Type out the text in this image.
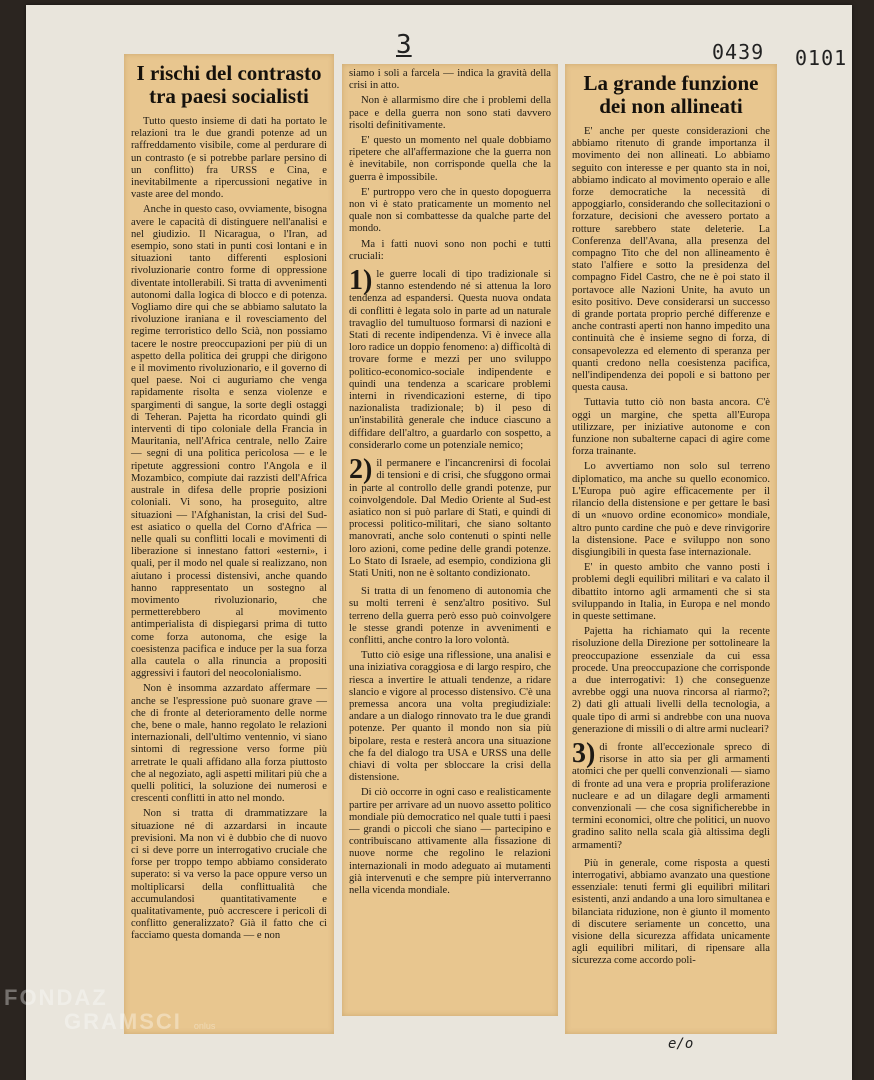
3	0439 0101
e/o
I rischi del contrasto tra paesi socialisti

Tutto questo insieme di dati ha portato le relazioni tra le due grandi potenze ad un raffreddamento visibile, come al perdurare di un contrasto (e si potrebbe parlare persino di un conflitto) fra URSS e Cina, e inevitabilmente a ripercussioni negative in vaste aree del mondo.

Anche in questo caso, ovviamente, bisogna avere le capacità di distinguere nell'analisi e nel giudizio. Il Nicaragua, o l'Iran, ad esempio, sono stati in punti così lontani e in situazioni tanto differenti esplosioni rivoluzionarie contro forme di oppressione diventate intollerabili. Si tratta di avvenimenti autonomi dalla logica di blocco e di potenza. Vogliamo dire qui che se abbiamo salutato la rivoluzione iraniana e il rovesciamento del regime terroristico dello Scià, non possiamo tacere le nostre preoccupazioni per più di un aspetto della politica dei gruppi che dirigono e il movimento rivoluzionario, e il governo di quel paese. Noi ci auguriamo che venga rapidamente risolta e senza violenze e spargimenti di sangue, la sorte degli ostaggi di Teheran. Pajetta ha ricordato quindi gli interventi di tipo coloniale della Francia in Mauritania, nell'Africa centrale, nello Zaire — segni di una politica pericolosa — e le ripetute aggressioni contro l'Angola e il Mozambico, compiute dai razzisti dell'Africa australe in difesa delle proprie posizioni coloniali. Vi sono, ha proseguito, altre situazioni — l'Afghanistan, la crisi del Sud-est asiatico o quella del Corno d'Africa — nelle quali su conflitti locali e movimenti di liberazione si innestano fattori «esterni», i quali, per il modo nel quale si realizzano, non aiutano i processi distensivi, anche quando hanno rappresentato un sostegno al movimento rivoluzionario, che permetterebbero al movimento antimperialista di dispiegarsi prima di tutto come forza autonoma, che esige la coesistenza pacifica e induce per la sua forza alla cautela o alla rinuncia a propositi aggressivi i fautori del neocolonialismo.

Non è insomma azzardato affermare — anche se l'espressione può suonare grave — che di fronte al deterioramento delle norme che, bene o male, hanno regolato le relazioni internazionali, dell'ultimo ventennio, vi siano sintomi di regressione verso forme più arretrate le quali affidano alla forza piuttosto che al negoziato, agli aspetti militari più che a quelli politici, la soluzione dei numerosi e crescenti conflitti in atto nel mondo.

Non si tratta di drammatizzare la situazione né di azzardarsi in incaute previsioni. Ma non vi è dubbio che di nuovo ci si deve porre un interrogativo cruciale che forse per troppo tempo abbiamo considerato superato: si va verso la pace oppure verso un moltiplicarsi della conflittualità che accumulandosi quantitativamente e qualitativamente, può accrescere i pericoli di conflitto generalizzato? Già il fatto che ci facciamo questa domanda — e non

siamo i soli a farcela — indica la gravità della crisi in atto.

Non è allarmismo dire che i problemi della pace e della guerra non sono stati davvero risolti definitivamente.

E' questo un momento nel quale dobbiamo ripetere che all'affermazione che la guerra non è inevitabile, non corrisponde quella che la guerra è impossibile.

E' purtroppo vero che in questo dopoguerra non vi è stato praticamente un momento nel quale non si combattesse da qualche parte del mondo.

Ma i fatti nuovi sono non pochi e tutti cruciali:

1) le guerre locali di tipo tradizionale si stanno estendendo né si attenua la loro tendenza ad espandersi. Questa nuova ondata di conflitti è legata solo in parte ad un naturale travaglio del tumultuoso formarsi di nazioni e Stati di recente indipendenza. Vi è invece alla loro radice un doppio fenomeno: a) difficoltà di trovare forme e mezzi per uno sviluppo politico-economico-sociale indipendente e quindi una tendenza a scaricare problemi interni in rivendicazioni esterne, di tipo nazionalista tradizionale; b) il peso di un'instabilità generale che induce ciascuno a diffidare dell'altro, a guardarlo con sospetto, a considerarlo come un potenziale nemico;
2) il permanere e l'incancrenirsi di focolai di tensioni e di crisi, che sfuggono ormai in parte al controllo delle grandi potenze, pur coinvolgendole. Dal Medio Oriente al Sud-est asiatico non si può parlare di Stati, e quindi di processi politico-militari, che siano soltanto manovrati, anche solo contenuti o spinti nelle loro azioni, come pedine delle grandi potenze. Lo Stato di Israele, ad esempio, condiziona gli Stati Uniti, non ne è soltanto condizionato.

Si tratta di un fenomeno di autonomia che su molti terreni è senz'altro positivo. Sul terreno della guerra però esso può coinvolgere le stesse grandi potenze in avvenimenti e conflitti, anche contro la loro volontà.

Tutto ciò esige una riflessione, una analisi e una iniziativa coraggiosa e di largo respiro, che riesca a invertire le attuali tendenze, a ridare slancio e vigore al processo distensivo. C'è una premessa ancora una volta pregiudiziale: andare a un dialogo rinnovato tra le due grandi potenze. Per quanto il mondo non sia più bipolare, resta e resterà ancora una situazione che fa del dialogo tra USA e URSS una delle chiavi di volta per sbloccare la crisi della distensione.

Di ciò occorre in ogni caso e realisticamente partire per arrivare ad un nuovo assetto politico mondiale più democratico nel quale tutti i paesi — grandi o piccoli che siano — partecipino e contribuiscano attivamente alla fissazione di nuove norme che regolino le relazioni internazionali in modo adeguato ai mutamenti già intervenuti e che sempre più interverranno nella vicenda mondiale.

La grande funzione dei non allineati

E' anche per queste considerazioni che abbiamo ritenuto di grande importanza il movimento dei non allineati. Lo abbiamo seguito con interesse e per quanto sta in noi, abbiamo indicato al movimento operaio e alle forze democratiche la necessità di appoggiarlo, considerando che sollecitazioni o forzature, decisioni che avessero portato a rotture sarebbero state deleterie. La Conferenza dell'Avana, alla presenza del compagno Tito che del non allineamento è stato l'alfiere e sotto la presidenza del compagno Fidel Castro, che ne è poi stato il portavoce alle Nazioni Unite, ha avuto un esito positivo. Deve considerarsi un successo di grande portata proprio perché differenze e anche contrasti aperti non hanno impedito una continuità che è insieme segno di forza, di consapevolezza ed elemento di speranza per quanti credono nella coesistenza pacifica, nell'indipendenza dei popoli e si battono per questa causa.

Tuttavia tutto ciò non basta ancora. C'è oggi un margine, che spetta all'Europa utilizzare, per iniziative autonome e con funzione non subalterne capaci di agire come forza trainante.

Lo avvertiamo non solo sul terreno diplomatico, ma anche su quello economico. L'Europa può agire efficacemente per il rilancio della distensione e per gettare le basi di un «nuovo ordine economico» mondiale, altro punto cardine che può e deve rinvigorire la distensione. Pace e sviluppo non sono disgiungibili in questa fase internazionale.

E' in questo ambito che vanno posti i problemi degli equilibri militari e va calato il dibattito intorno agli armamenti che si sta sviluppando in Italia, in Europa e nel mondo in queste settimane.

Pajetta ha richiamato qui la recente risoluzione della Direzione per sottolineare la preoccupazione essenziale da cui essa procede. Una preoccupazione che corrisponde a due interrogativi: 1) che conseguenze avrebbe oggi una nuova rincorsa al riarmo?; 2) dati gli attuali livelli della tecnologia, a quale tipo di armi si andrebbe con una nuova generazione di missili o di altre armi nucleari?

3) di fronte all'eccezionale spreco di risorse in atto sia per gli armamenti atomici che per quelli convenzionali — siamo di fronte ad una vera e propria proliferazione nucleare e ad un dilagare degli armamenti convenzionali — che cosa significherebbe in termini economici, oltre che politici, un nuovo gradino salito nella scala già altissima degli armamenti?

Più in generale, come risposta a questi interrogativi, abbiamo avanzato una questione essenziale: tenuti fermi gli equilibri militari esistenti, anzi andando a una loro simultanea e bilanciata riduzione, non è giunto il momento di discutere seriamente un concetto, una visione della sicurezza affidata unicamente agli equilibri militari, di ripensare alla sicurezza come accordo poli-

FONDAZ
GRAMSCI onlus
